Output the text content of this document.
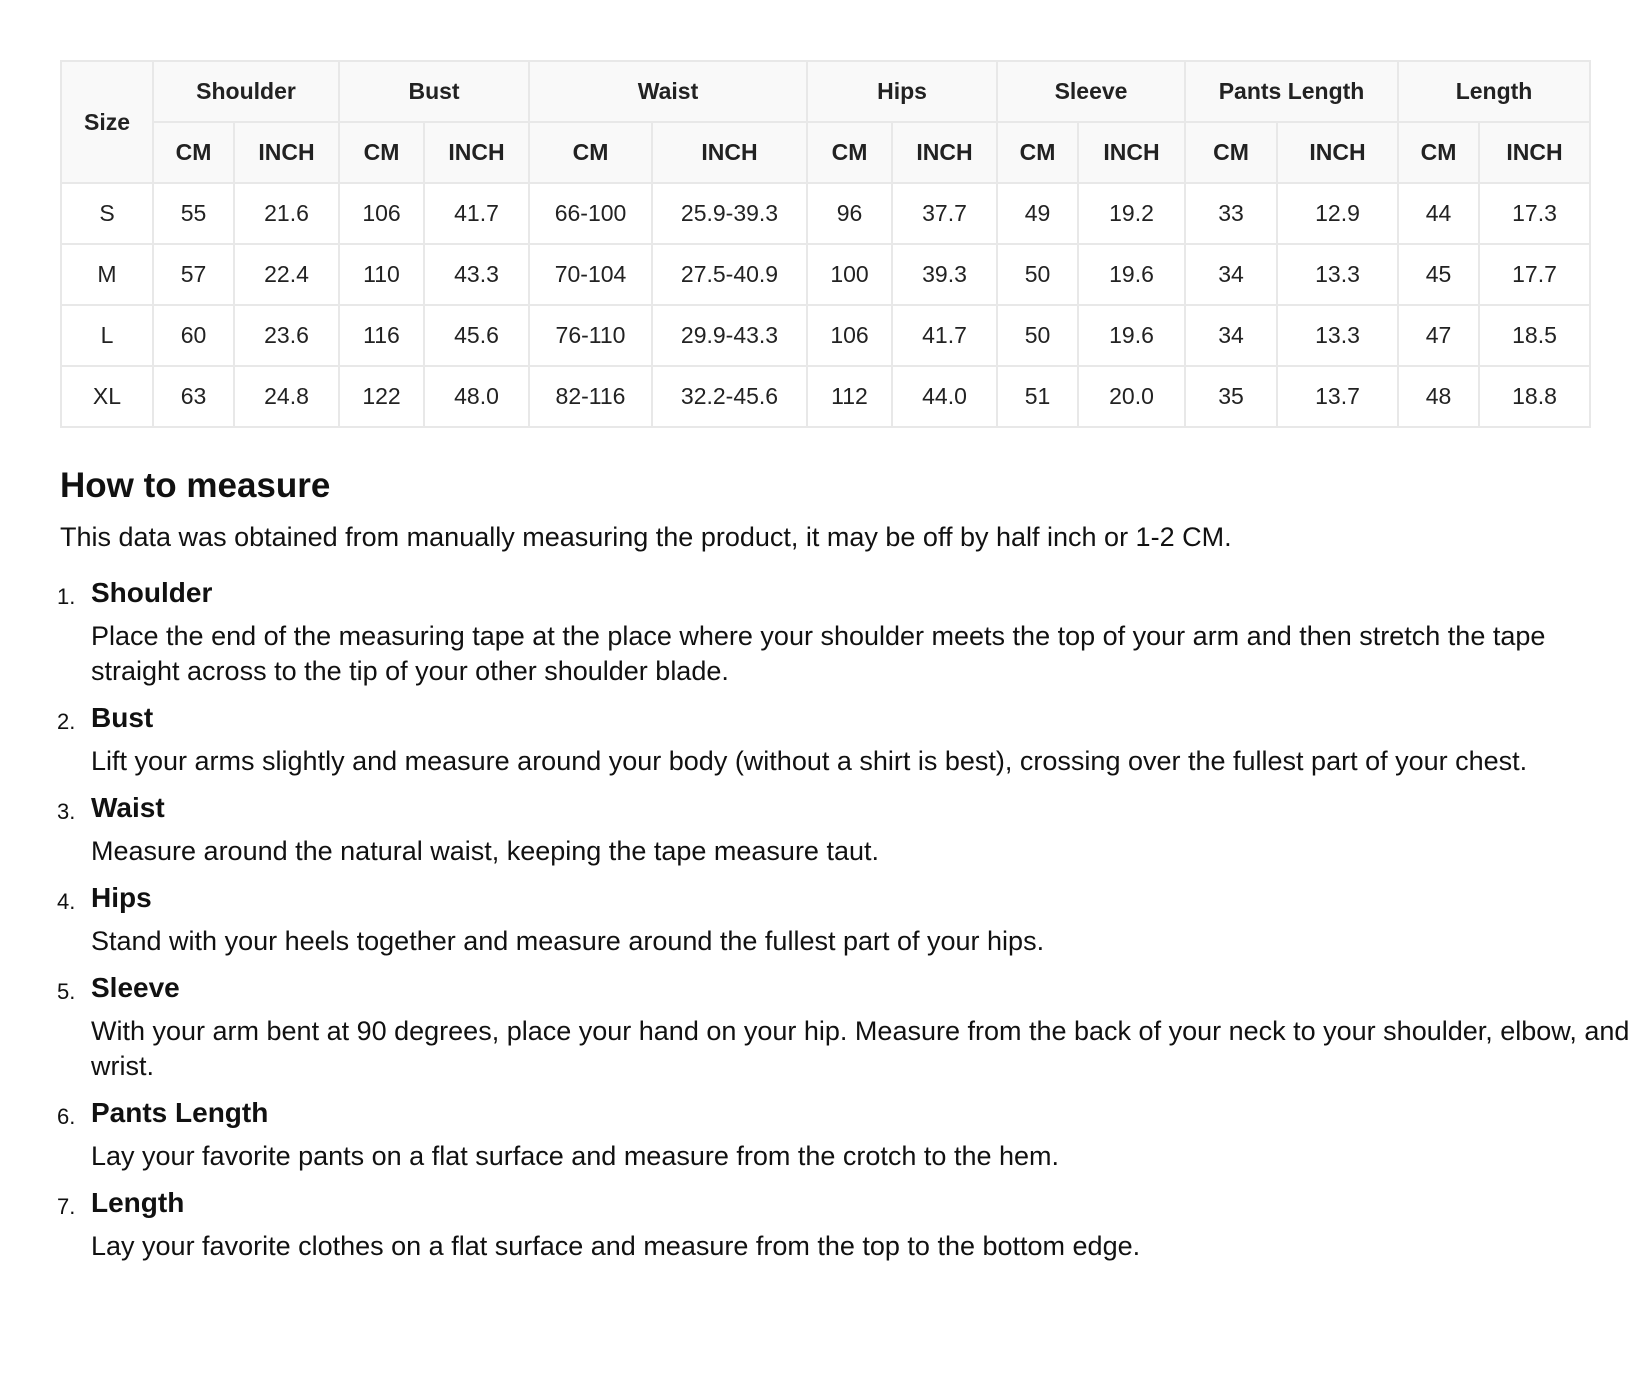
Size	Shoulder		Bust		Waist		Hips		Sleeve		Pants Length		Length	
	CM	INCH	CM	INCH	CM	INCH	CM	INCH	CM	INCH	CM	INCH	CM	INCH
S	55	21.6	106	41.7	66-100	25.9-39.3	96	37.7	49	19.2	33	12.9	44	17.3
M	57	22.4	110	43.3	70-104	27.5-40.9	100	39.3	50	19.6	34	13.3	45	17.7
L	60	23.6	116	45.6	76-110	29.9-43.3	106	41.7	50	19.6	34	13.3	47	18.5
XL	63	24.8	122	48.0	82-116	32.2-45.6	112	44.0	51	20.0	35	13.7	48	18.8
How to measure

This data was obtained from manually measuring the product, it may be off by half inch or 1-2 CM.

1. Shoulder
Place the end of the measuring tape at the place where your shoulder meets the top of your arm and then stretch the tape straight across to the tip of your other shoulder blade.
2. Bust
Lift your arms slightly and measure around your body (without a shirt is best), crossing over the fullest part of your chest.
3. Waist
Measure around the natural waist, keeping the tape measure taut.
4. Hips
Stand with your heels together and measure around the fullest part of your hips.
5. Sleeve
With your arm bent at 90 degrees, place your hand on your hip. Measure from the back of your neck to your shoulder, elbow, and wrist.
6. Pants Length
Lay your favorite pants on a flat surface and measure from the crotch to the hem.
7. Length
Lay your favorite clothes on a flat surface and measure from the top to the bottom edge.
